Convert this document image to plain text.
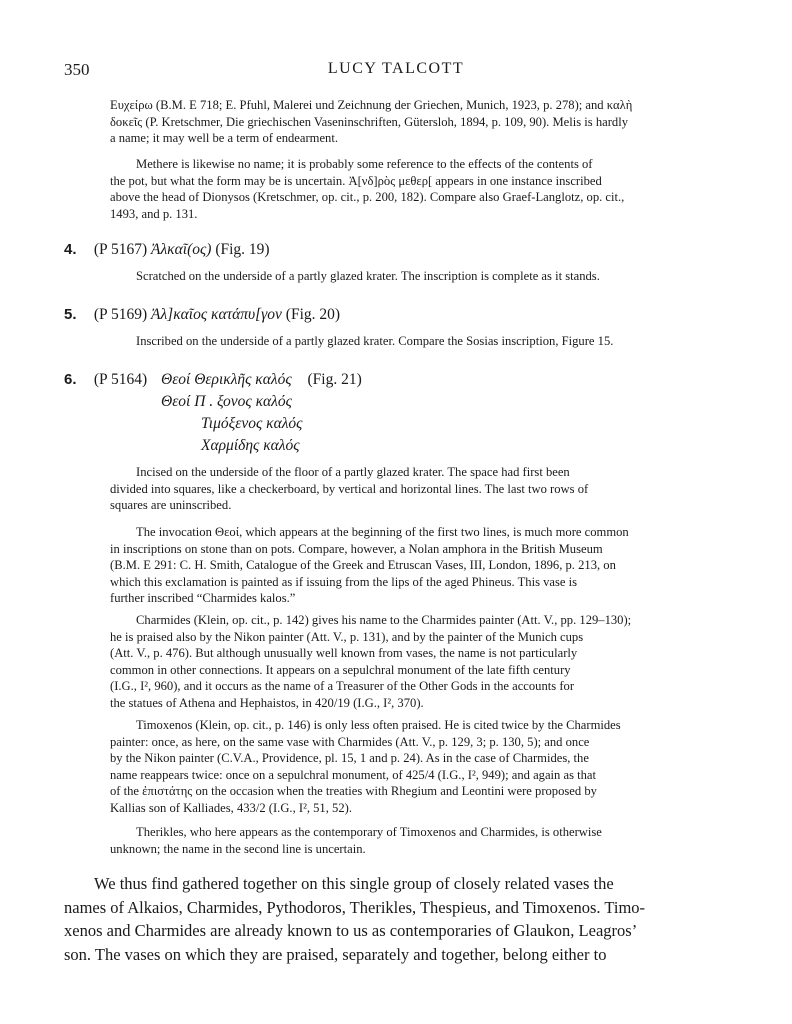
350	LUCY TALCOTT

Ευχείρω (B.M. E 718; E. Pfuhl, Malerei und Zeichnung der Griechen, Munich, 1923, p. 278); and καλὴ

δοκεῖς (P. Kretschmer, Die griechischen Vaseninschriften, Gütersloh, 1894, p. 109, 90). Melis is hardly

a name; it may well be a term of endearment.

Methere is likewise no name; it is probably some reference to the effects of the contents of

the pot, but what the form may be is uncertain. Ἀ[νδ]ρὸς μεθερ[ appears in one instance inscribed

above the head of Dionysos (Kretschmer, op. cit., p. 200, 182). Compare also Graef-Langlotz, op. cit.,

1493, and p. 131.

4. (P 5167) Ἀλκαῖ(ος) (Fig. 19)

Scratched on the underside of a partly glazed krater. The inscription is complete as it stands.

5. (P 5169) Ἀλ]καῖος κατάπυ[γον (Fig. 20)

Inscribed on the underside of a partly glazed krater. Compare the Sosias inscription, Figure 15.

6. (P 5164) Θεοί Θερικλῆς καλός (Fig. 21)
Θεοί Π . ξονος καλός
Τιμόξενος καλός
Χαρμίδης καλός

Incised on the underside of the floor of a partly glazed krater. The space had first been

divided into squares, like a checkerboard, by vertical and horizontal lines. The last two rows of

squares are uninscribed.

The invocation Θεοί, which appears at the beginning of the first two lines, is much more common

in inscriptions on stone than on pots. Compare, however, a Nolan amphora in the British Museum

(B.M. E 291: C. H. Smith, Catalogue of the Greek and Etruscan Vases, III, London, 1896, p. 213, on

which this exclamation is painted as if issuing from the lips of the aged Phineus. This vase is

further inscribed “Charmides kalos.”

Charmides (Klein, op. cit., p. 142) gives his name to the Charmides painter (Att. V., pp. 129–130);

he is praised also by the Nikon painter (Att. V., p. 131), and by the painter of the Munich cups

(Att. V., p. 476). But although unusually well known from vases, the name is not particularly

common in other connections. It appears on a sepulchral monument of the late fifth century

(I.G., I², 960), and it occurs as the name of a Treasurer of the Other Gods in the accounts for

the statues of Athena and Hephaistos, in 420/19 (I.G., I², 370).

Timoxenos (Klein, op. cit., p. 146) is only less often praised. He is cited twice by the Charmides

painter: once, as here, on the same vase with Charmides (Att. V., p. 129, 3; p. 130, 5); and once

by the Nikon painter (C.V.A., Providence, pl. 15, 1 and p. 24). As in the case of Charmides, the

name reappears twice: once on a sepulchral monument, of 425/4 (I.G., I², 949); and again as that

of the ἐπιστάτης on the occasion when the treaties with Rhegium and Leontini were proposed by

Kallias son of Kalliades, 433/2 (I.G., I², 51, 52).

Therikles, who here appears as the contemporary of Timoxenos and Charmides, is otherwise

unknown; the name in the second line is uncertain.

We thus find gathered together on this single group of closely related vases the

names of Alkaios, Charmides, Pythodoros, Therikles, Thespieus, and Timoxenos. Timo-

xenos and Charmides are already known to us as contemporaries of Glaukon, Leagros’

son. The vases on which they are praised, separately and together, belong either to
